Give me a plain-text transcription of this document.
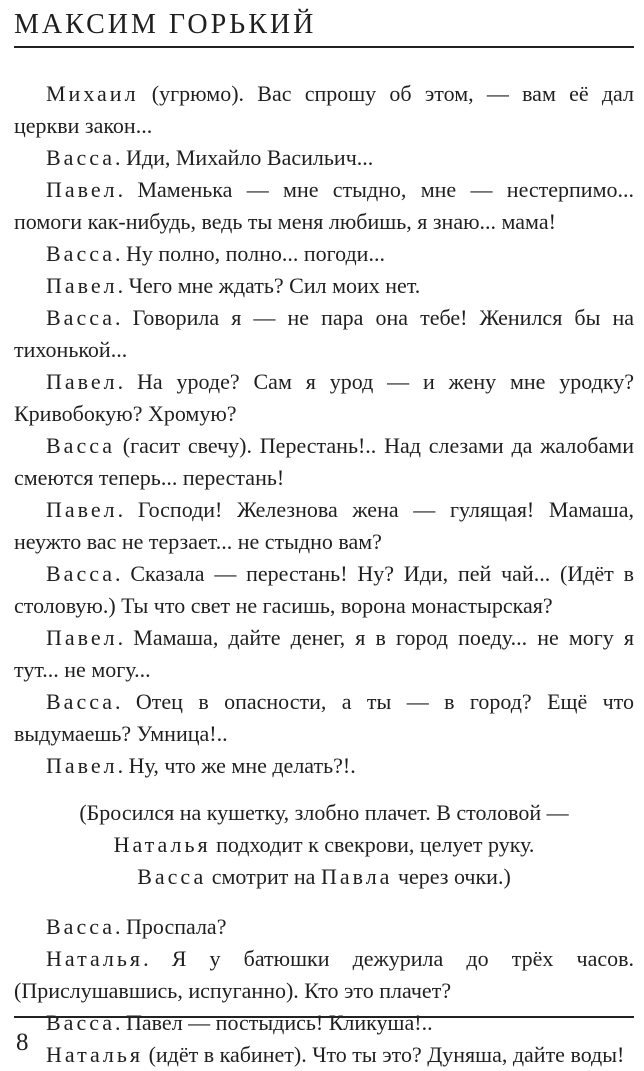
МАКСИМ ГОРЬКИЙ

Михаил (угрюмо). Вас спрошу об этом, — вам её дал церкви закон...

Васса. Иди, Михайло Васильич...

Павел. Маменька — мне стыдно, мне — нестерпимо... помоги как-нибудь, ведь ты меня любишь, я знаю... мама!

Васса. Ну полно, полно... погоди...

Павел. Чего мне ждать? Сил моих нет.

Васса. Говорила я — не пара она тебе! Женился бы на тихонькой...

Павел. На уроде? Сам я урод — и жену мне уродку? Кривобокую? Хромую?

Васса (гасит свечу). Перестань!.. Над слезами да жалобами смеются теперь... перестань!

Павел. Господи! Железнова жена — гулящая! Мамаша, неужто вас не терзает... не стыдно вам?

Васса. Сказала — перестань! Ну? Иди, пей чай... (Идёт в столовую.) Ты что свет не гасишь, ворона монастырская?

Павел. Мамаша, дайте денег, я в город поеду... не могу я тут... не могу...

Васса. Отец в опасности, а ты — в город? Ещё что выдумаешь? Умница!..

Павел. Ну, что же мне делать?!.

(Бросился на кушетку, злобно плачет. В столовой —
Наталья подходит к свекрови, целует руку.
Васса смотрит на Павла через очки.)

Васса. Проспала?

Наталья. Я у батюшки дежурила до трёх часов. (Прислушавшись, испуганно). Кто это плачет?

Васса. Павел — постыдись! Кликуша!..

Наталья (идёт в кабинет). Что ты это? Дуняша, дайте воды!

8
